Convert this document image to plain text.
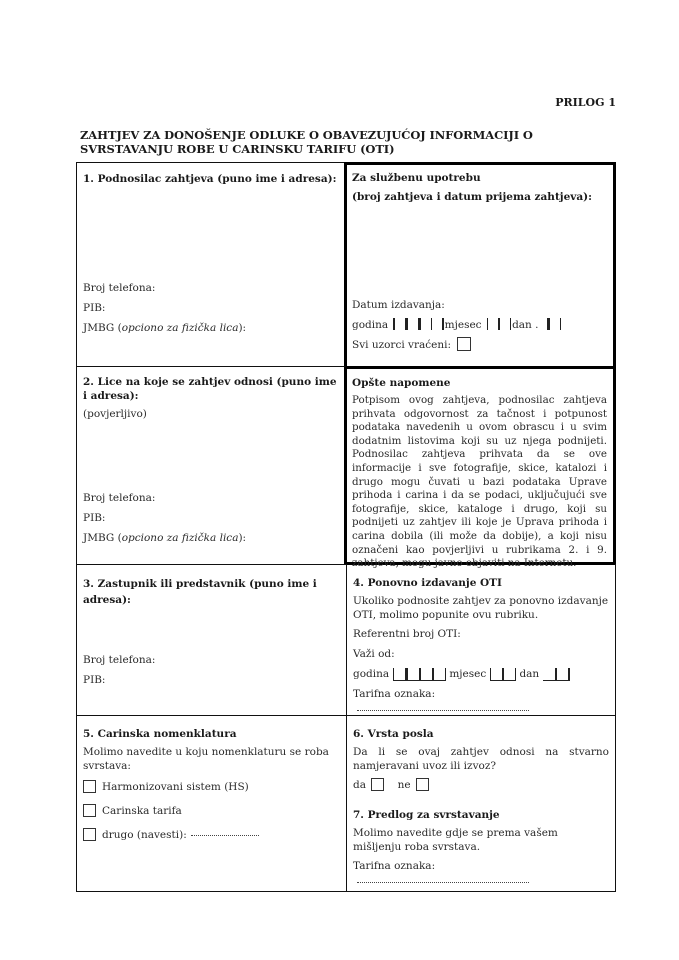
PRILOG 1
ZAHTJEV ZA DONOŠENJE ODLUKE O OBAVEZUJUĆOJ INFORMACIJI O SVRSTAVANJU ROBE U CARINSKU TARIFU (OTI)
1. Podnosilac zahtjeva (puno ime i adresa):
Broj telefona:
PIB:
JMBG (opciono za fizička lica):
Za službenu upotrebu
(broj zahtjeva i datum prijema zahtjeva):
Datum izdavanja:
godina	mjesec	dan .
Svi uzorci vraćeni:
2. Lice na koje se zahtjev odnosi (puno ime i adresa):
(povjerljivo)
Broj telefona:
PIB:
JMBG (opciono za fizička lica):
Opšte napomene
Potpisom ovog zahtjeva, podnosilac zahtjeva prihvata odgovornost za tačnost i potpunost podataka navedenih u ovom obrascu i u svim dodatnim listovima koji su uz njega podnijeti. Podnosilac zahtjeva prihvata da se ove informacije i sve fotografije, skice, katalozi i drugo mogu čuvati u bazi podataka Uprave prihoda i carina i da se podaci, uključujući sve fotografije, skice, kataloge i drugo, koji su podnijeti uz zahtjev ili koje je Uprava prihoda i carina dobila (ili može da dobije), a koji nisu označeni kao povjerljivi u rubrikama 2. i 9. zahtjeva, mogu javno objaviti na Internetu.
3. Zastupnik ili predstavnik (puno ime i adresa):
Broj telefona:
PIB:
4. Ponovno izdavanje OTI
Ukoliko podnosite zahtjev za ponovno izdavanje OTI, molimo popunite ovu rubriku.
Referentni broj OTI:
Važi od:
godina	mjesec	dan
Tarifna oznaka:
5. Carinska nomenklatura
Molimo navedite u koju nomenklaturu se roba svrstava:
Harmonizovani sistem (HS)
Carinska tarifa
drugo (navesti):
6. Vrsta posla
Da li se ovaj zahtjev odnosi na stvarno namjeravani uvoz ili izvoz?
da	ne
7. Predlog za svrstavanje
Molimo navedite gdje se prema vašem mišljenju roba svrstava.
Tarifna oznaka:
